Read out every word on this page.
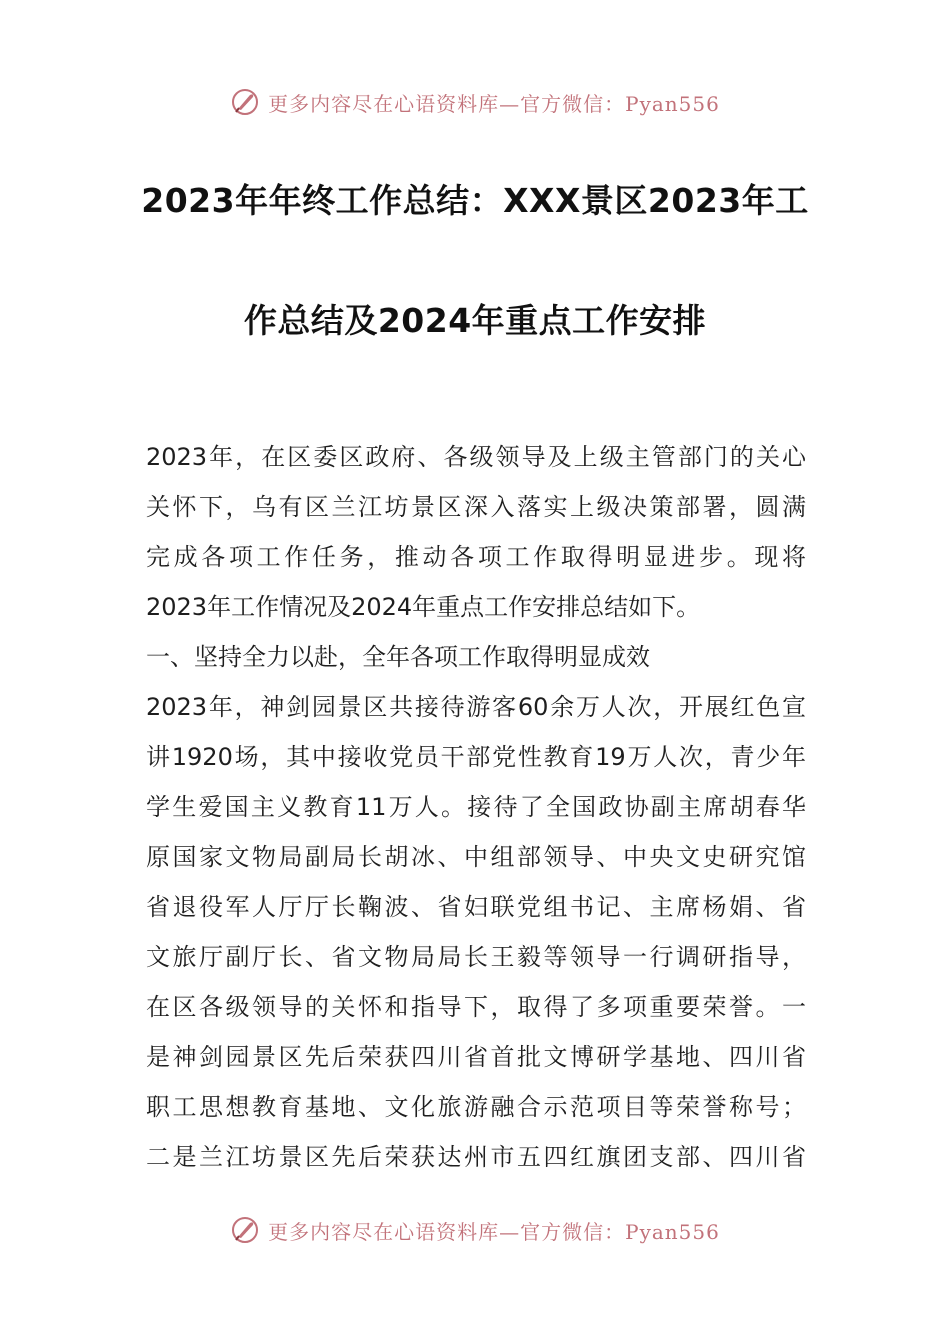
更多内容尽在心语资料库—官方微信：Pyan556
2023年年终工作总结：XXX景区2023年工
作总结及2024年重点工作安排
2023年，在区委区政府、各级领导及上级主管部门的关心
关怀下，乌有区兰江坊景区深入落实上级决策部署，圆满
完成各项工作任务，推动各项工作取得明显进步。现将
2023年工作情况及2024年重点工作安排总结如下。
一、坚持全力以赴，全年各项工作取得明显成效
2023年，神剑园景区共接待游客60余万人次，开展红色宣
讲1920场，其中接收党员干部党性教育19万人次，青少年
学生爱国主义教育11万人。接待了全国政协副主席胡春华
原国家文物局副局长胡冰、中组部领导、中央文史研究馆
省退役军人厅厅长鞠波、省妇联党组书记、主席杨娟、省
文旅厅副厅长、省文物局局长王毅等领导一行调研指导，
在区各级领导的关怀和指导下，取得了多项重要荣誉。一
是神剑园景区先后荣获四川省首批文博研学基地、四川省
职工思想教育基地、文化旅游融合示范项目等荣誉称号；
二是兰江坊景区先后荣获达州市五四红旗团支部、四川省
更多内容尽在心语资料库—官方微信：Pyan556
